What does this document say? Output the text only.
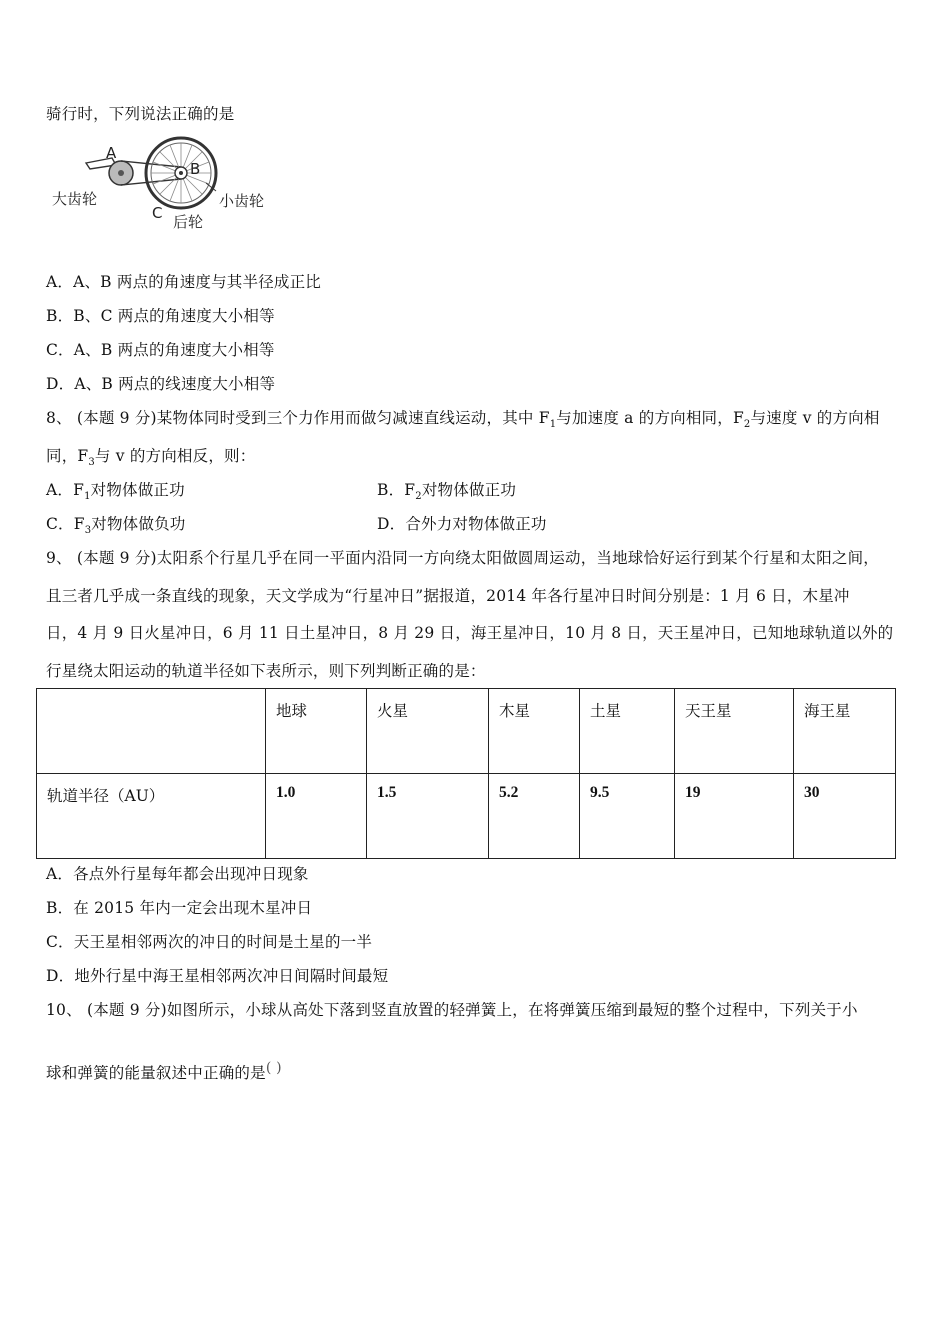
骑行时，下列说法正确的是
A
B
C
大齿轮	小齿轮
后轮
A．A、B 两点的角速度与其半径成正比
B．B、C 两点的角速度大小相等
C．A、B 两点的角速度大小相等
D．A、B 两点的线速度大小相等
8、 (本题 9 分)某物体同时受到三个力作用而做匀减速直线运动，其中 $F_1$与加速度 a 的方向相同，$F_2$与速度 v 的方向相
同，$F_3$与 v 的方向相反，则：
A．$F_1$对物体做正功	B．$F_2$对物体做正功
C．$F_3$对物体做负功	D．合外力对物体做正功
9、 (本题 9 分)太阳系个行星几乎在同一平面内沿同一方向绕太阳做圆周运动，当地球恰好运行到某个行星和太阳之间，
且三者几乎成一条直线的现象，天文学成为“行星冲日”据报道，2014 年各行星冲日时间分别是：1 月 6 日，木星冲
日，4 月 9 日火星冲日，6 月 11 日土星冲日，8 月 29 日，海王星冲日，10 月 8 日，天王星冲日，已知地球轨道以外的
行星绕太阳运动的轨道半径如下表所示，则下列判断正确的是：
	地球	火星	木星	土星	天王星	海王星
轨道半径（AU）	1.0	1.5	5.2	9.5	19	30
A．各点外行星每年都会出现冲日现象
B．在 2015 年内一定会出现木星冲日
C．天王星相邻两次的冲日的时间是土星的一半
D．地外行星中海王星相邻两次冲日间隔时间最短
10、 (本题 9 分)如图所示，小球从高处下落到竖直放置的轻弹簧上，在将弹簧压缩到最短的整个过程中，下列关于小
球和弹簧的能量叙述中正确的是( )
